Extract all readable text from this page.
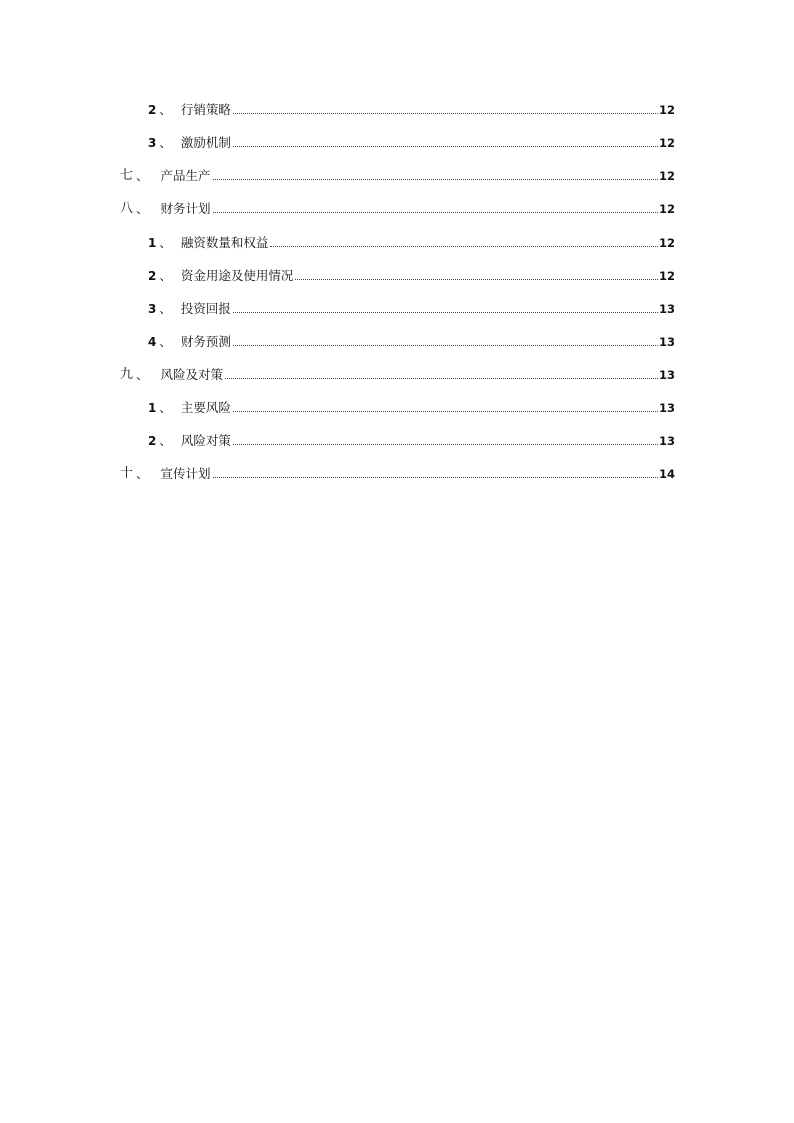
2 、 行销策略	12
3 、 激励机制	12
七 、 产品生产	12
八 、 财务计划	12
1 、 融资数量和权益	12
2 、 资金用途及使用情况	12
3 、 投资回报	13
4 、 财务预测	13
九 、 风险及对策	13
1 、 主要风险	13
2 、 风险对策	13
十 、 宣传计划	14
